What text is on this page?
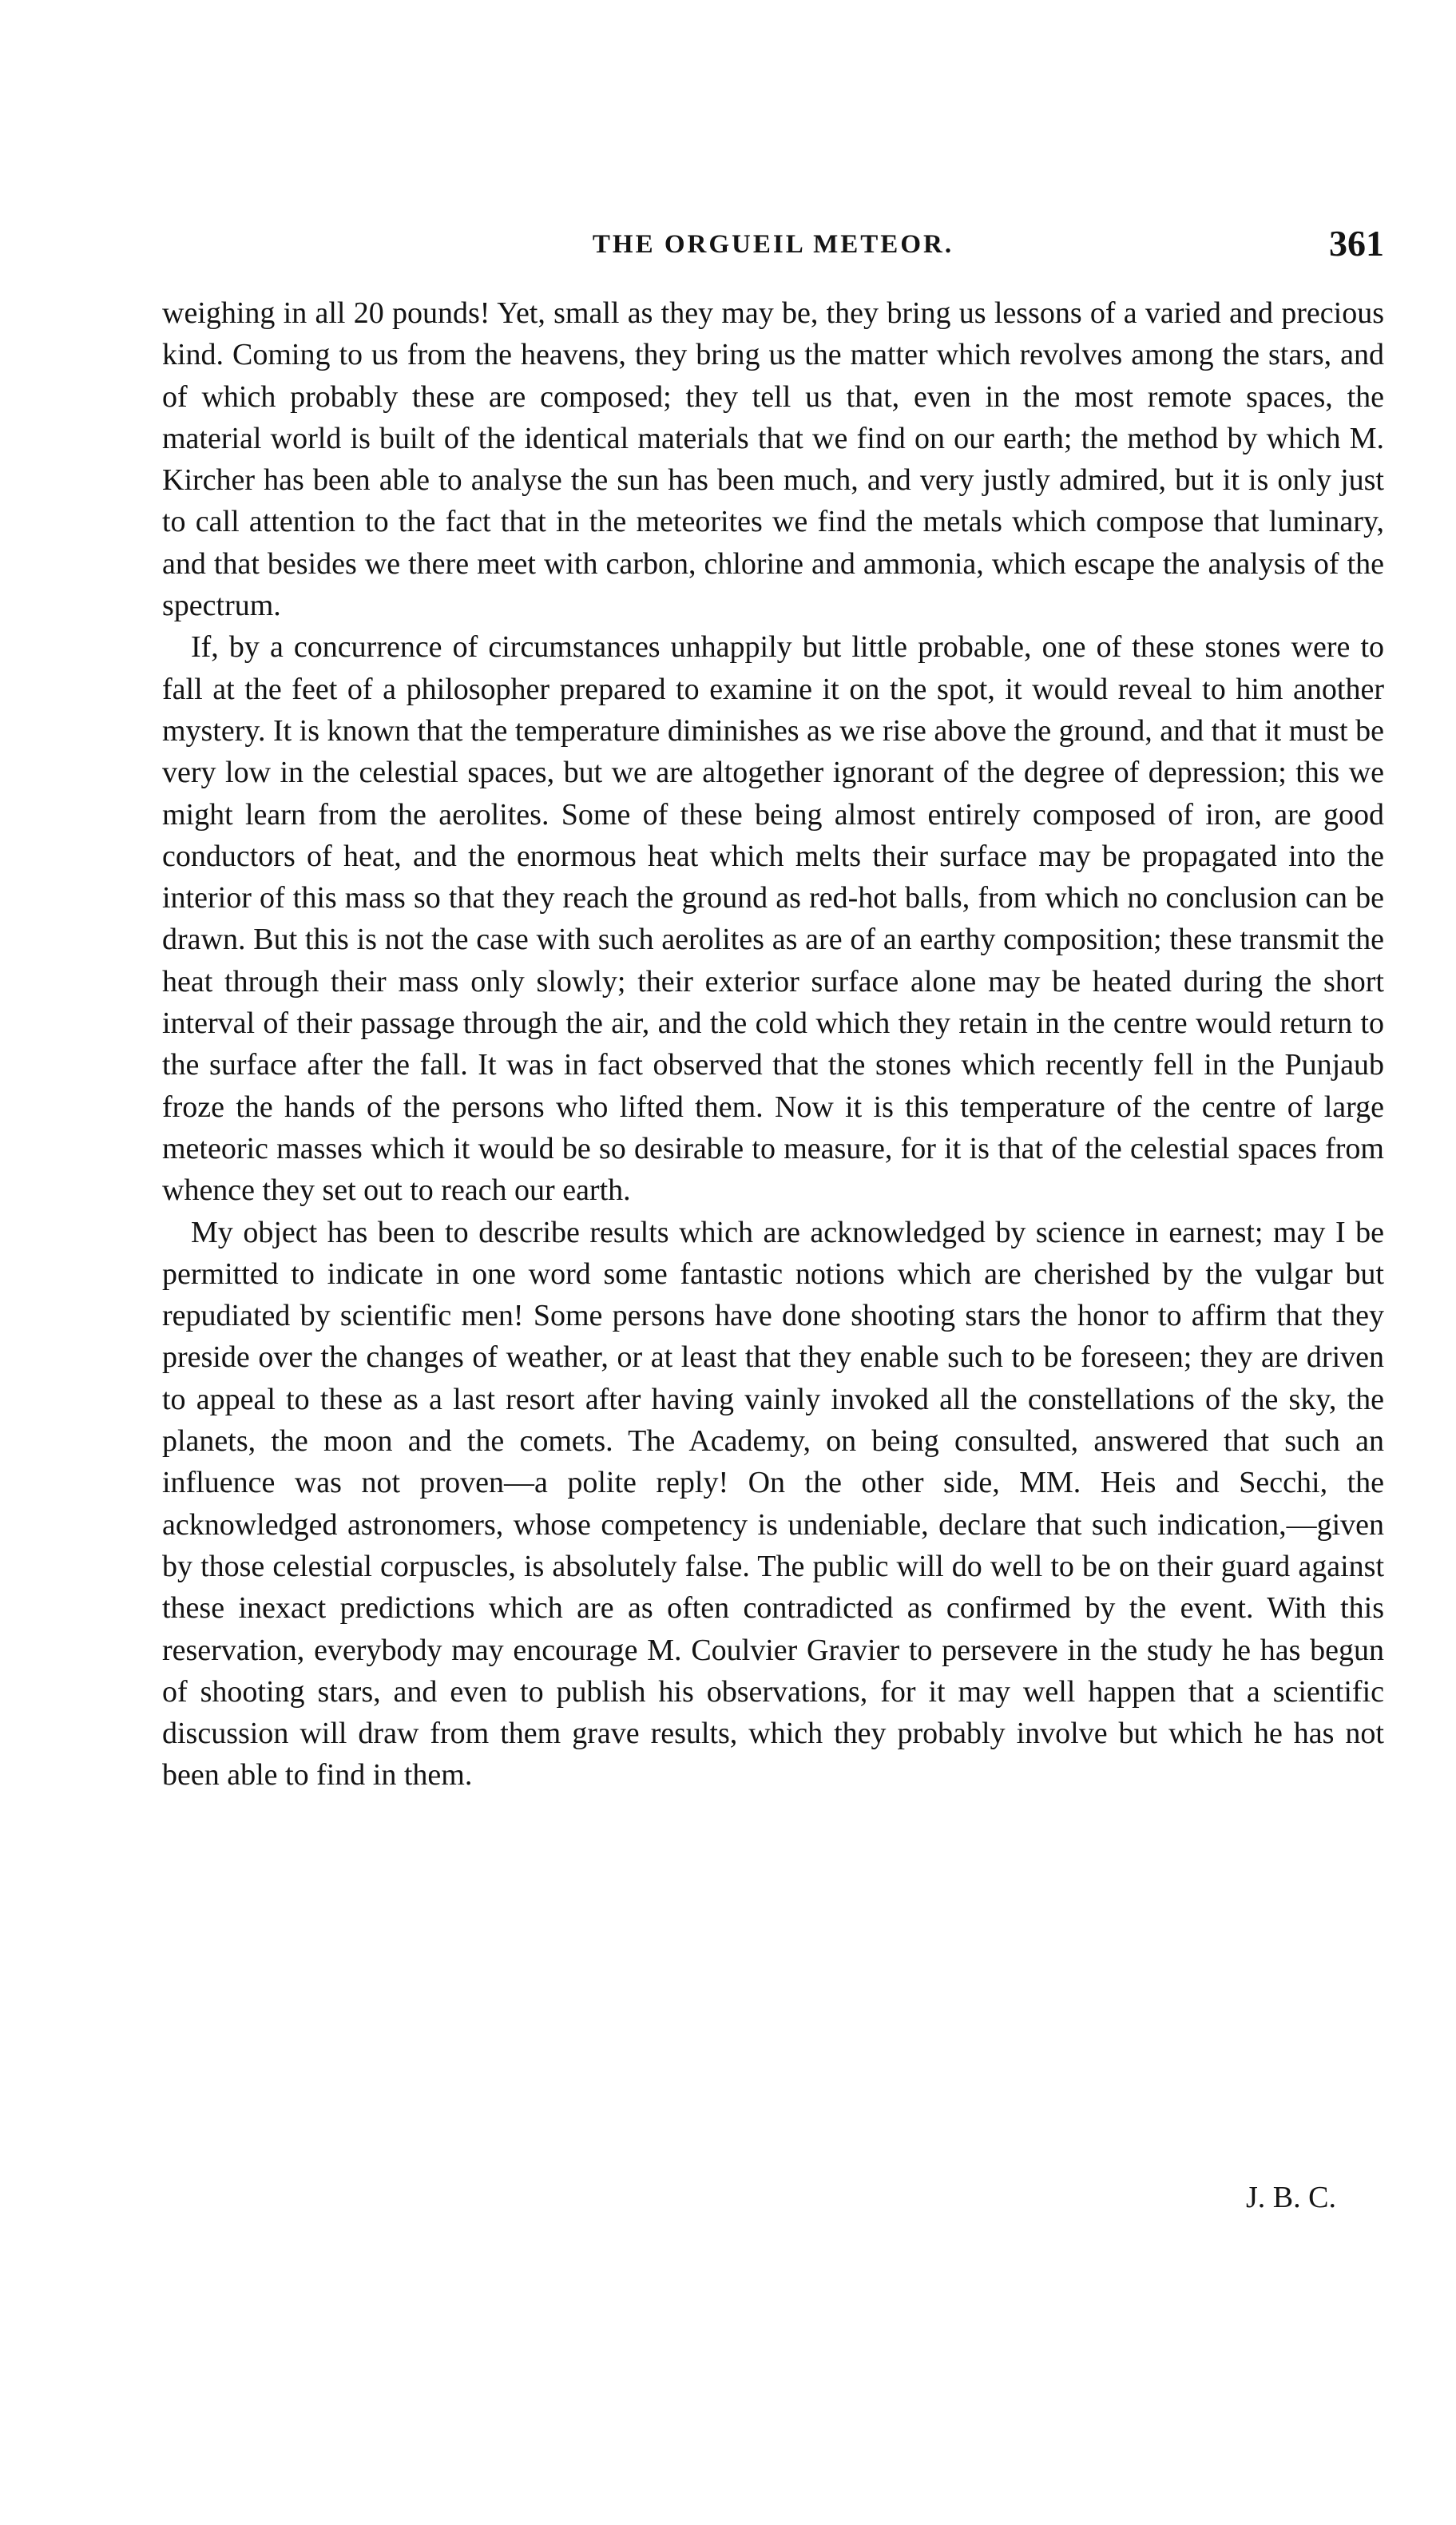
THE ORGUEIL METEOR.	361

weighing in all 20 pounds! Yet, small as they may be, they bring us lessons of a varied and precious kind. Coming to us from the heavens, they bring us the matter which revolves among the stars, and of which probably these are composed; they tell us that, even in the most remote spaces, the material world is built of the identical materials that we find on our earth; the method by which M. Kircher has been able to analyse the sun has been much, and very justly admired, but it is only just to call attention to the fact that in the meteorites we find the metals which compose that luminary, and that besides we there meet with carbon, chlorine and ammonia, which escape the analysis of the spectrum.

If, by a concurrence of circumstances unhappily but little probable, one of these stones were to fall at the feet of a philosopher prepared to examine it on the spot, it would reveal to him another mystery. It is known that the temperature diminishes as we rise above the ground, and that it must be very low in the celestial spaces, but we are altogether ignorant of the degree of depression; this we might learn from the aerolites. Some of these being almost entirely composed of iron, are good conductors of heat, and the enormous heat which melts their surface may be propagated into the interior of this mass so that they reach the ground as red-hot balls, from which no conclusion can be drawn. But this is not the case with such aerolites as are of an earthy composition; these transmit the heat through their mass only slowly; their exterior surface alone may be heated during the short interval of their passage through the air, and the cold which they retain in the centre would return to the surface after the fall. It was in fact observed that the stones which recently fell in the Punjaub froze the hands of the persons who lifted them. Now it is this temperature of the centre of large meteoric masses which it would be so desirable to measure, for it is that of the celestial spaces from whence they set out to reach our earth.

My object has been to describe results which are acknowledged by science in earnest; may I be permitted to indicate in one word some fantastic notions which are cherished by the vulgar but repudiated by scientific men! Some persons have done shooting stars the honor to affirm that they preside over the changes of weather, or at least that they enable such to be foreseen; they are driven to appeal to these as a last resort after having vainly invoked all the constellations of the sky, the planets, the moon and the comets. The Academy, on being consulted, answered that such an influence was not proven—a polite reply! On the other side, MM. Heis and Secchi, the acknowledged astronomers, whose competency is undeniable, declare that such indication,—given by those celestial corpuscles, is absolutely false. The public will do well to be on their guard against these inexact predictions which are as often contradicted as confirmed by the event. With this reservation, everybody may encourage M. Coulvier Gravier to persevere in the study he has begun of shooting stars, and even to publish his observations, for it may well happen that a scientific discussion will draw from them grave results, which they probably involve but which he has not been able to find in them.

J. B. C.
